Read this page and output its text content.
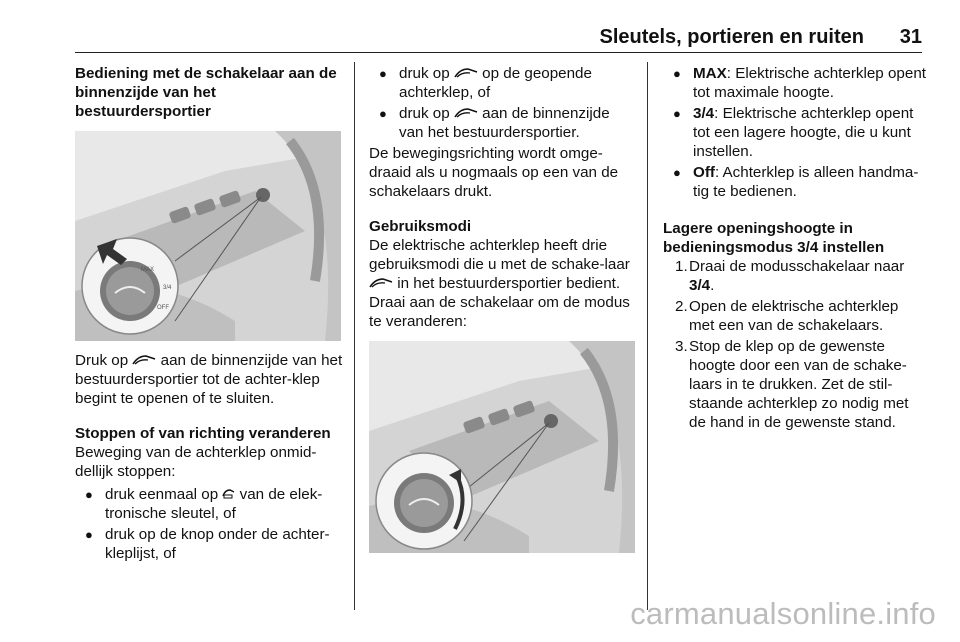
Sleutels, portieren en ruiten 31

Bediening met de schakelaar aan de binnenzijde van het bestuurdersportier

MAX
3/4
OFF

Druk op aan de binnenzijde van het bestuurdersportier tot de achter-klep begint te openen of te sluiten.

Stoppen of van richting veranderen

Beweging van de achterklep onmid-dellijk stoppen:

● druk eenmaal op van de elek-tronische sleutel, of
● druk op de knop onder de achter-kleplijst, of
● druk op op de geopende achterklep, of
● druk op aan de binnenzijde van het bestuurdersportier.

De bewegingsrichting wordt omge-draaid als u nogmaals op een van de schakelaars drukt.

Gebruiksmodi

De elektrische achterklep heeft drie gebruiksmodi die u met de schake-laar  in het bestuurdersportier bedient. Draai aan de schakelaar om de modus te veranderen:

● MAX: Elektrische achterklep opent tot maximale hoogte.
● 3/4: Elektrische achterklep opent tot een lagere hoogte, die u kunt instellen.
● Off: Achterklep is alleen handma-tig te bedienen.

Lagere openingshoogte in bedieningsmodus 3/4 instellen

1. Draai de modusschakelaar naar 3/4.
2. Open de elektrische achterklep met een van de schakelaars.
3. Stop de klep op de gewenste hoogte door een van de schake-laars in te drukken. Zet de stil-staande achterklep zo nodig met de hand in de gewenste stand.
carmanualsonline.info
